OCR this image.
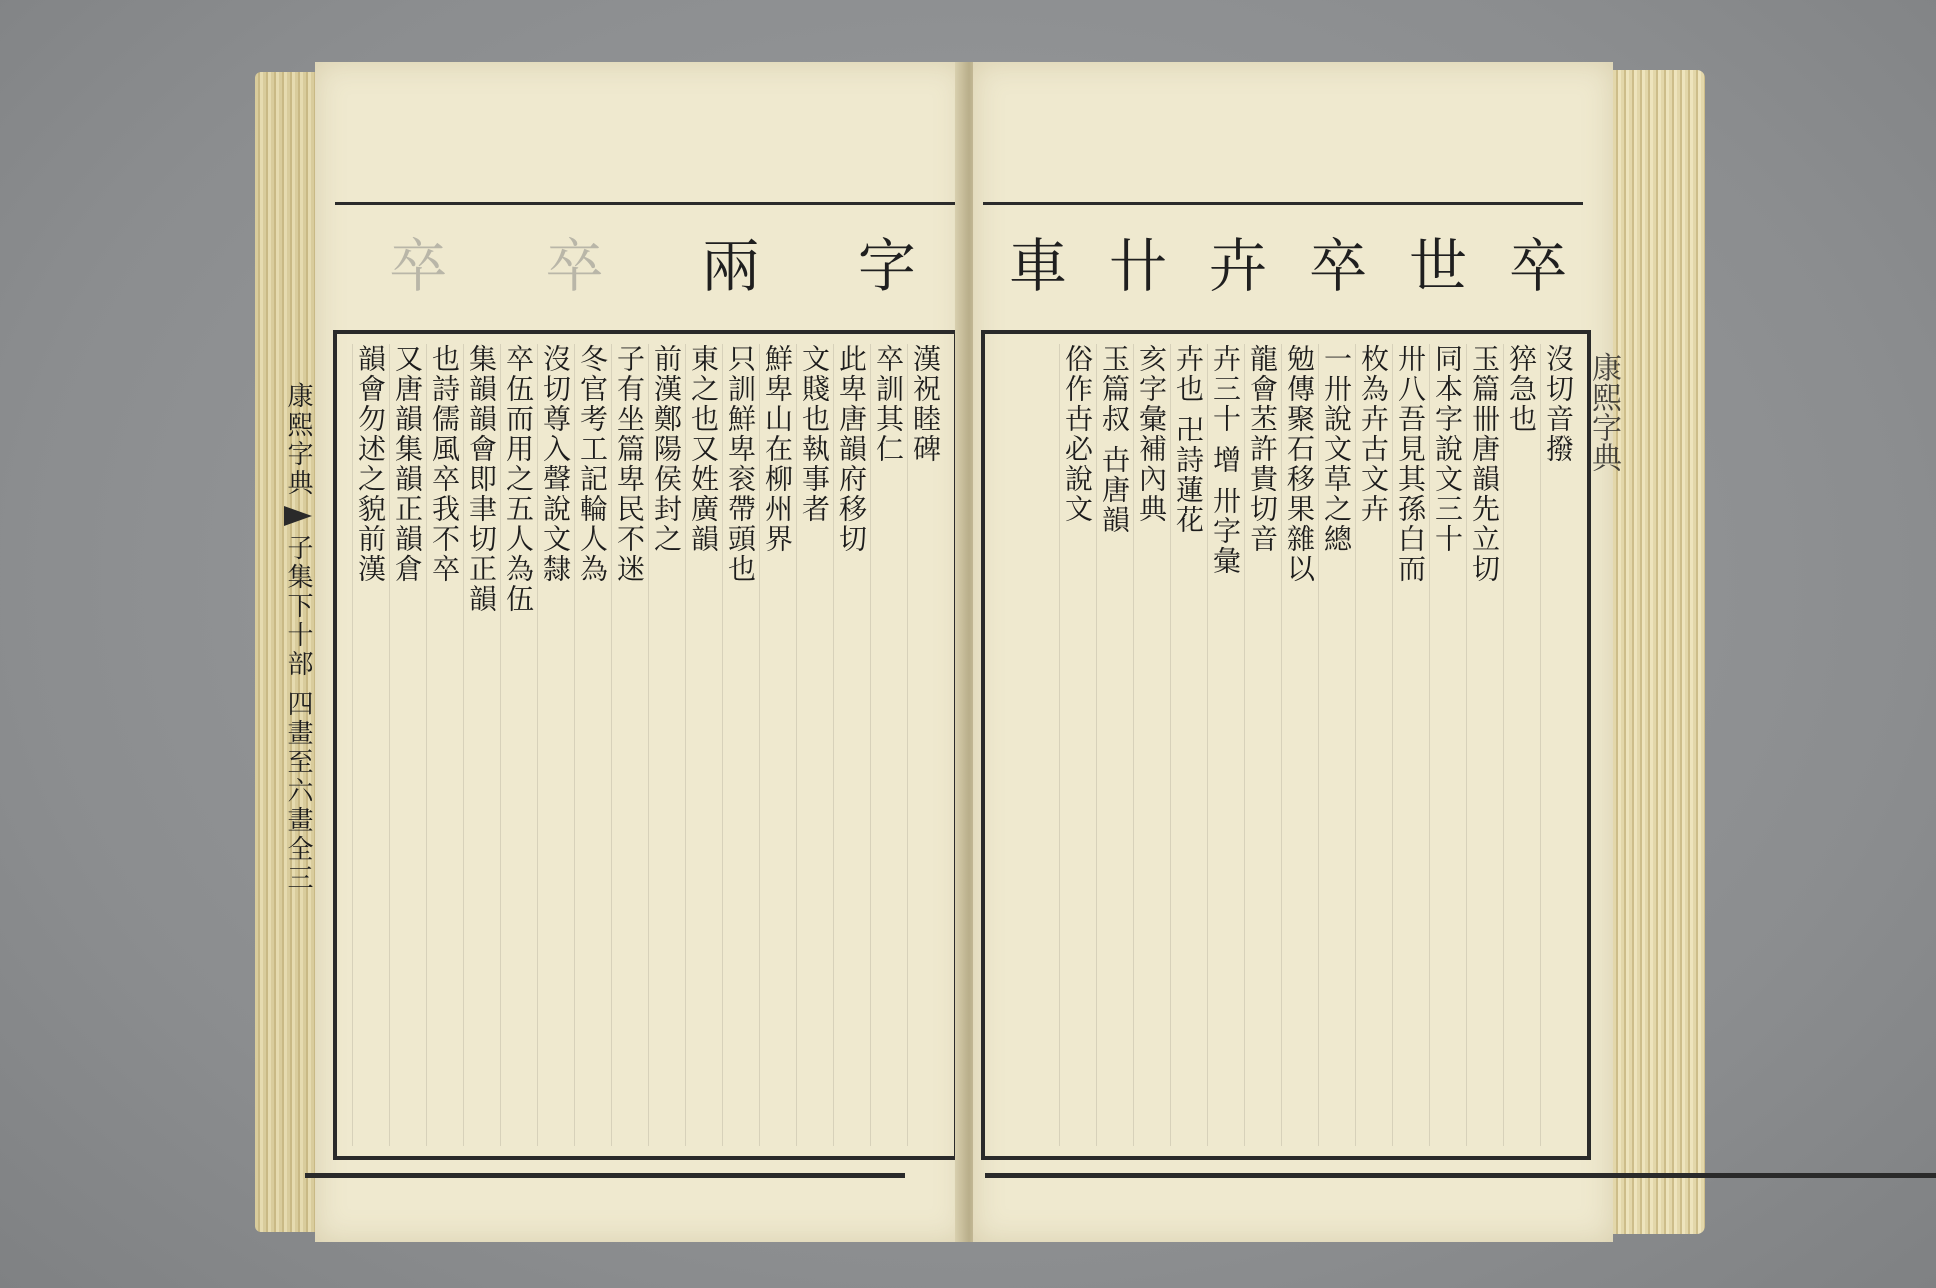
字
兩
卒
卒
康熙字典
子集下
十部 四畫至六畫
全三
漢祝睦碑
卒訓其仁
此卑唐韻府移切
文賤也執事者
鮮卑山在柳州界
只訓鮮卑衮帶頭也
東之也又姓廣韻
前漢鄭陽侯封之
子有坐篇卑民不迷
冬官考工記輪人為
沒切尊入聲說文隸
卒伍而用之五人為伍
集韻韻會即聿切正韻
也詩儒風卒我不卒
又唐韻集韻正韻倉
韻會勿述之貌前漢
卒
世
卒
卉
卄
車
沒切音撥
猝急也
玉篇卌唐韻先立切
同本字說文三十
卅八吾見其孫白而
枚為卉古文卉
一卅說文草之總
勉傳聚石移果雜以
龍會苤許貴切音
卉三十 增 卅字彙
卉也 卍詩蓮花
亥字彙補內典
玉篇叔 卋唐韻
俗作卋必說文	康熙字典
